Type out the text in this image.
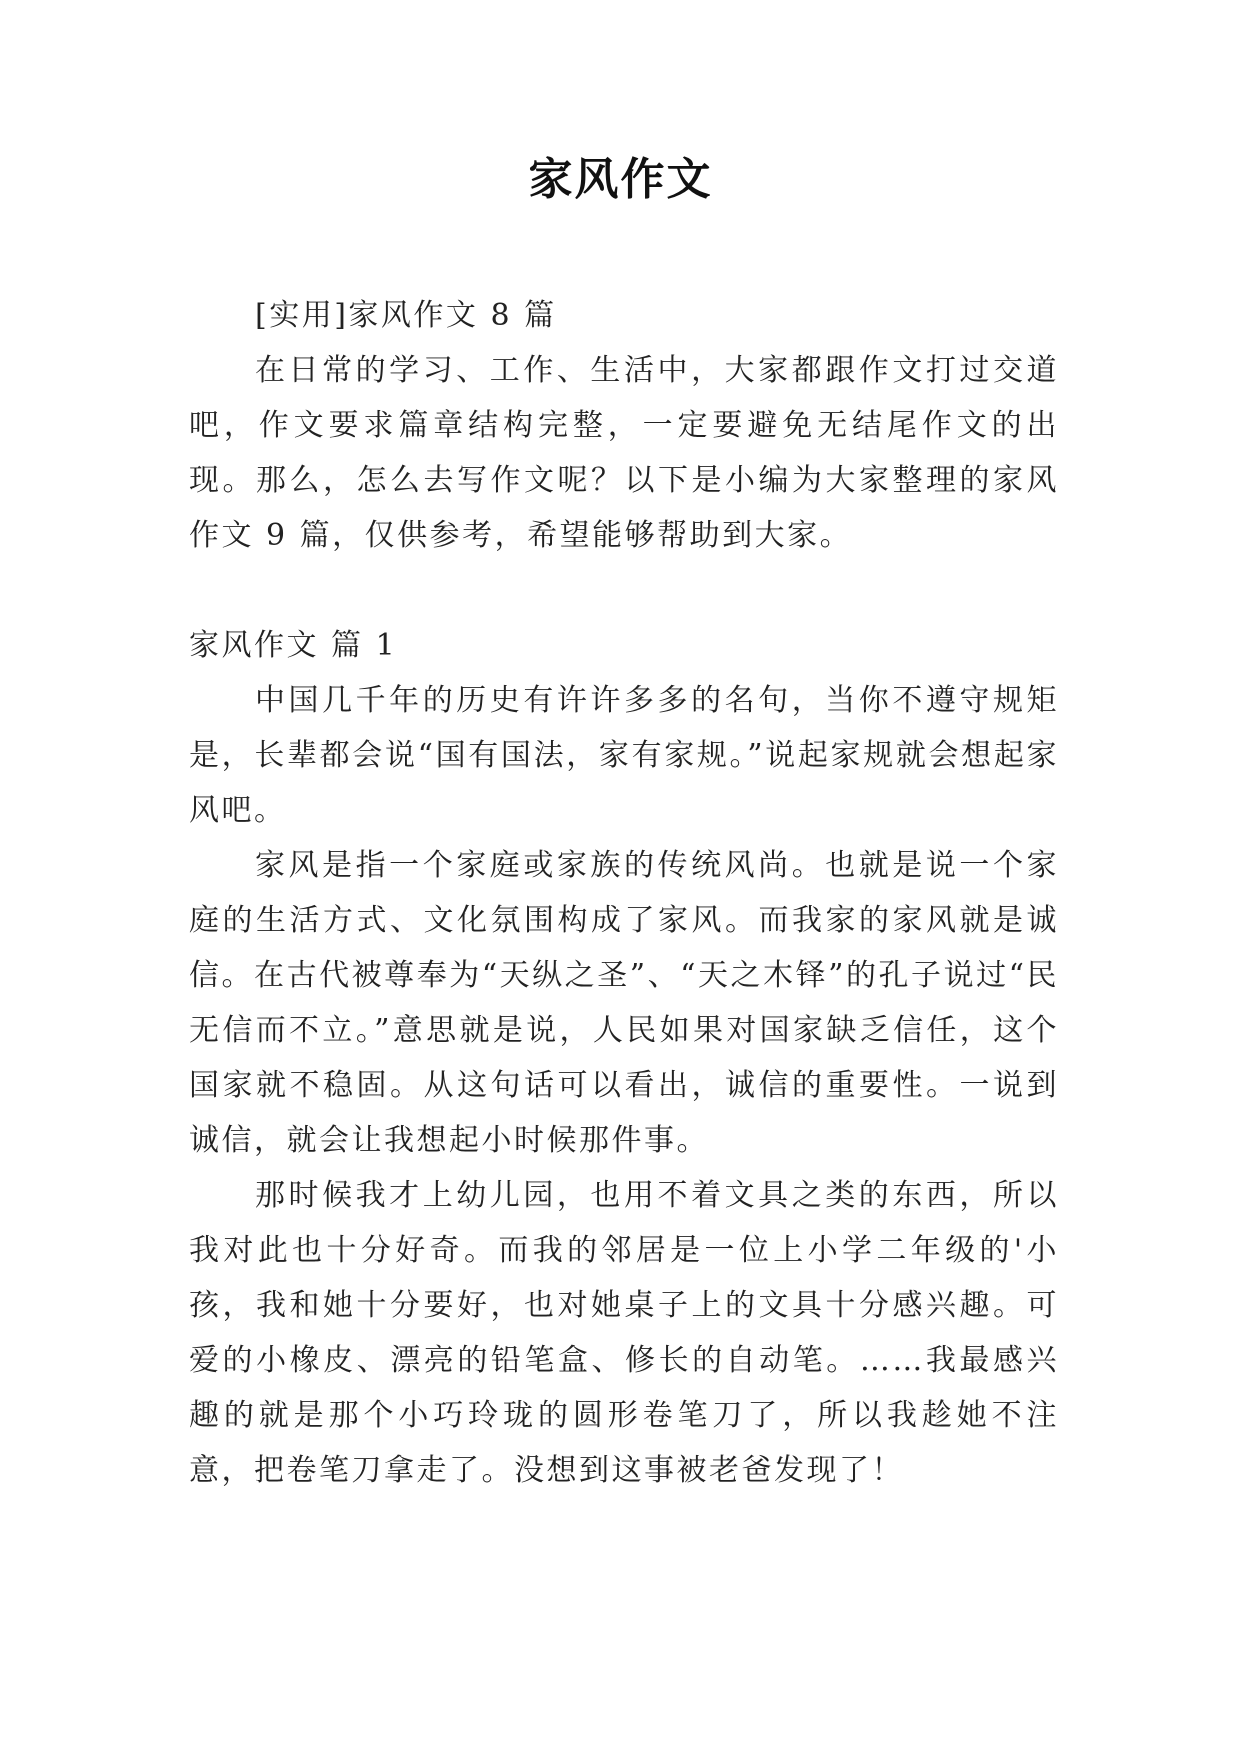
家风作文

[实用]家风作文 8 篇

在日常的学习、工作、生活中，大家都跟作文打过交道吧，作文要求篇章结构完整，一定要避免无结尾作文的出现。那么，怎么去写作文呢？以下是小编为大家整理的家风作文 9 篇，仅供参考，希望能够帮助到大家。

家风作文 篇 1

中国几千年的历史有许许多多的名句，当你不遵守规矩是，长辈都会说“国有国法，家有家规。”说起家规就会想起家风吧。

家风是指一个家庭或家族的传统风尚。也就是说一个家庭的生活方式、文化氛围构成了家风。而我家的家风就是诚信。在古代被尊奉为“天纵之圣”、“天之木铎”的孔子说过“民无信而不立。”意思就是说，人民如果对国家缺乏信任，这个国家就不稳固。从这句话可以看出，诚信的重要性。一说到诚信，就会让我想起小时候那件事。

那时候我才上幼儿园，也用不着文具之类的东西，所以我对此也十分好奇。而我的邻居是一位上小学二年级的'小孩，我和她十分要好，也对她桌子上的文具十分感兴趣。可爱的小橡皮、漂亮的铅笔盒、修长的自动笔。……我最感兴趣的就是那个小巧玲珑的圆形卷笔刀了，所以我趁她不注意，把卷笔刀拿走了。没想到这事被老爸发现了！
